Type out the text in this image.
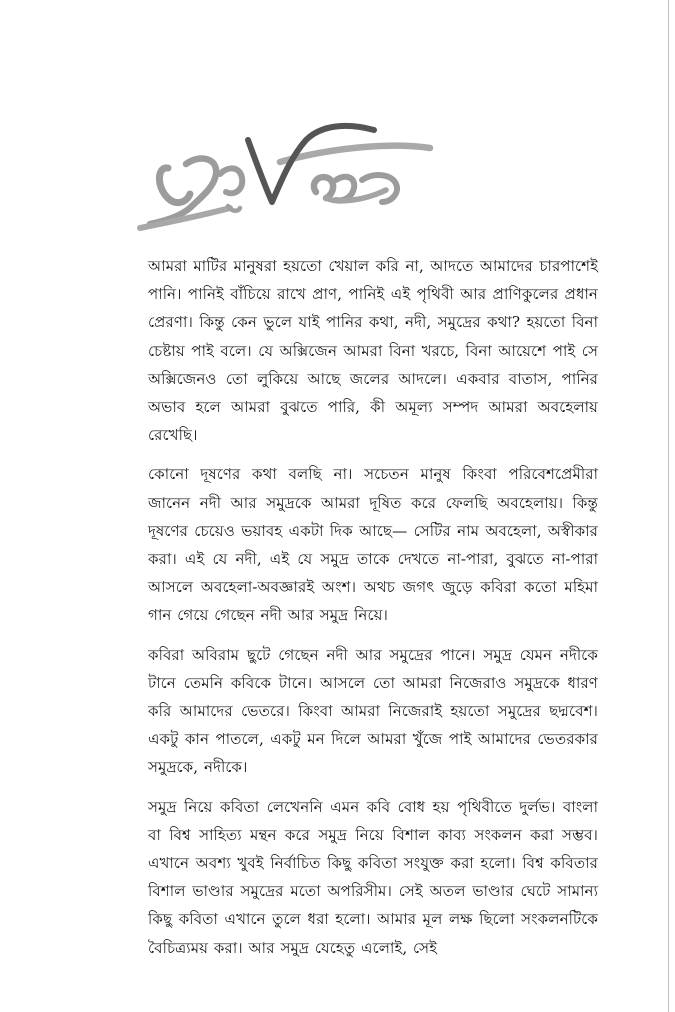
আমরা মাটির মানুষরা হয়তো খেয়াল করি না, আদতে আমাদের চারপাশেই পানি। পানিই বাঁচিয়ে রাখে প্রাণ, পানিই এই পৃথিবী আর প্রাণিকুলের প্রধান প্রেরণা। কিন্তু কেন ভুলে যাই পানির কথা, নদী, সমুদ্রের কথা? হয়তো বিনা চেষ্টায় পাই বলে। যে অক্সিজেন আমরা বিনা খরচে, বিনা আয়েশে পাই সে অক্সিজেনও তো লুকিয়ে আছে জলের আদলে। একবার বাতাস, পানির অভাব হলে আমরা বুঝতে পারি, কী অমূল্য সম্পদ আমরা অবহেলায় রেখেছি।

কোনো দূষণের কথা বলছি না। সচেতন মানুষ কিংবা পরিবেশপ্রেমীরা জানেন নদী আর সমুদ্রকে আমরা দূষিত করে ফেলছি অবহেলায়। কিন্তু দূষণের চেয়েও ভয়াবহ একটা দিক আছে— সেটির নাম অবহেলা, অস্বীকার করা। এই যে নদী, এই যে সমুদ্র তাকে দেখতে না-পারা, বুঝতে না-পারা আসলে অবহেলা-অবজ্ঞারই অংশ। অথচ জগৎ জুড়ে কবিরা কতো মহিমা গান গেয়ে গেছেন নদী আর সমুদ্র নিয়ে।

কবিরা অবিরাম ছুটে গেছেন নদী আর সমুদ্রের পানে। সমুদ্র যেমন নদীকে টানে তেমনি কবিকে টানে। আসলে তো আমরা নিজেরাও সমুদ্রকে ধারণ করি আমাদের ভেতরে। কিংবা আমরা নিজেরাই হয়তো সমুদ্রের ছদ্মবেশ। একটু কান পাতলে, একটু মন দিলে আমরা খুঁজে পাই আমাদের ভেতরকার সমুদ্রকে, নদীকে।

সমুদ্র নিয়ে কবিতা লেখেননি এমন কবি বোধ হয় পৃথিবীতে দুর্লভ। বাংলা বা বিশ্ব সাহিত্য মন্থন করে সমুদ্র নিয়ে বিশাল কাব্য সংকলন করা সম্ভব। এখানে অবশ্য খুবই নির্বাচিত কিছু কবিতা সংযুক্ত করা হলো। বিশ্ব কবিতার বিশাল ভাণ্ডার সমুদ্রের মতো অপরিসীম। সেই অতল ভাণ্ডার ঘেটে সামান্য কিছু কবিতা এখানে তুলে ধরা হলো। আমার মূল লক্ষ ছিলো সংকলনটিকে বৈচিত্র্যময় করা। আর সমুদ্র যেহেতু এলোই, সেই
